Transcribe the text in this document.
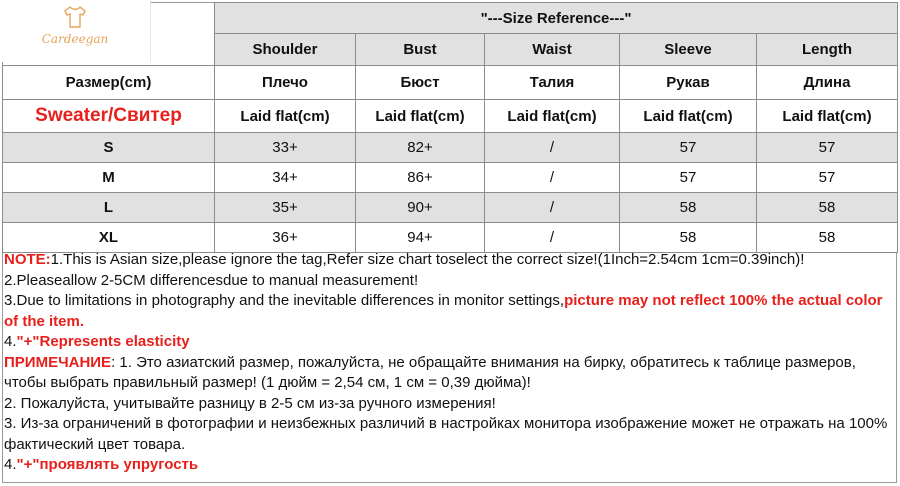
	"---Size Reference---"				
	Shoulder	Bust	Waist	Sleeve	Length
Размер(cm)	Плечо	Бюст	Талия	Рукав	Длина
Sweater/Свитер	Laid flat(cm)	Laid flat(cm)	Laid flat(cm)	Laid flat(cm)	Laid flat(cm)
S	33+	82+	/	57	57
M	34+	86+	/	57	57
L	35+	90+	/	58	58
XL	36+	94+	/	58	58
Cardeegan

NOTE:1.This is Asian size,please ignore the tag,Refer size chart toselect the correct size!(1Inch=2.54cm 1cm=0.39inch)!

2.Pleaseallow 2-5CM differencesdue to manual measurement!

3.Due to limitations in photography and the inevitable differences in monitor settings,picture may not reflect 100% the actual color of the item.

4."+"Represents elasticity

ПРИМЕЧАНИЕ: 1. Это азиатский размер, пожалуйста, не обращайте внимания на бирку, обратитесь к таблице размеров, чтобы выбрать правильный размер! (1 дюйм = 2,54 см, 1 см = 0,39 дюйма)!

2. Пожалуйста, учитывайте разницу в 2-5 см из-за ручного измерения!

3. Из-за ограничений в фотографии и неизбежных различий в настройках монитора изображение может не отражать на 100% фактический цвет товара.

4."+"проявлять упругость
